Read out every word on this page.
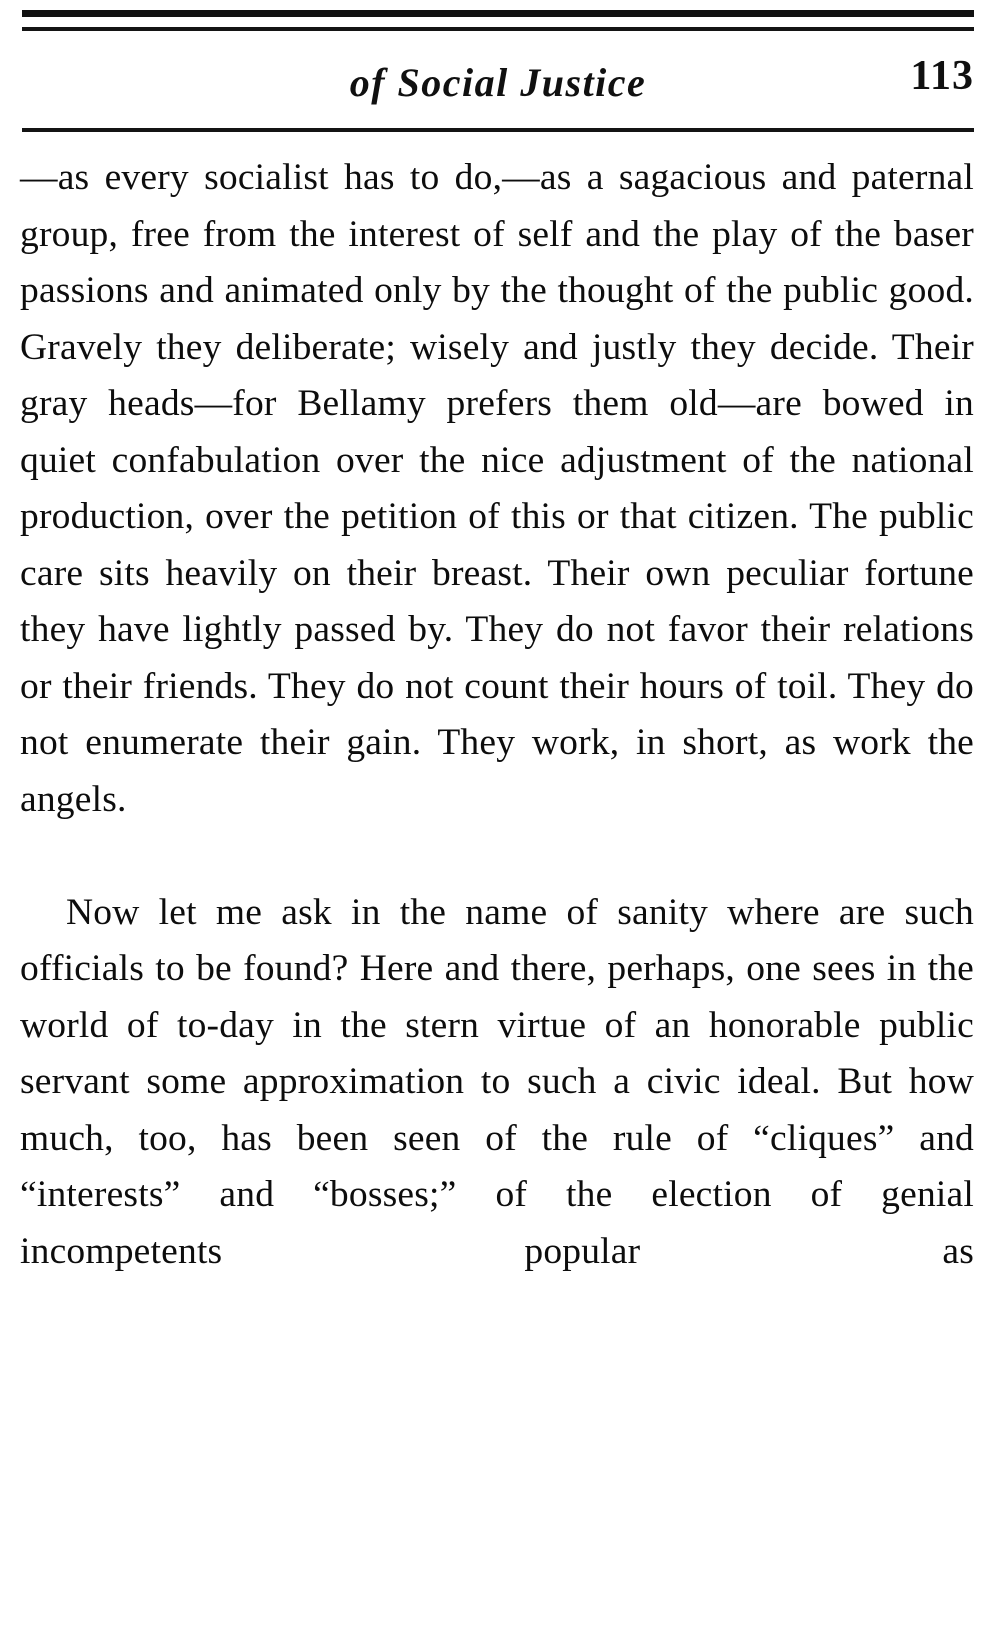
of Social Justice	113

—as every socialist has to do,—as a sagacious and paternal group, free from the interest of self and the play of the baser passions and animated only by the thought of the public good. Gravely they deliberate; wisely and justly they decide. Their gray heads—for Bellamy prefers them old—are bowed in quiet confabulation over the nice adjustment of the national production, over the petition of this or that citizen. The public care sits heavily on their breast. Their own peculiar fortune they have lightly passed by. They do not favor their relations or their friends. They do not count their hours of toil. They do not enumerate their gain. They work, in short, as work the angels.

Now let me ask in the name of sanity where are such officials to be found? Here and there, perhaps, one sees in the world of to-day in the stern virtue of an honorable public servant some approximation to such a civic ideal. But how much, too, has been seen of the rule of “cliques” and “interests” and “bosses;” of the election of genial incompetents popular as
